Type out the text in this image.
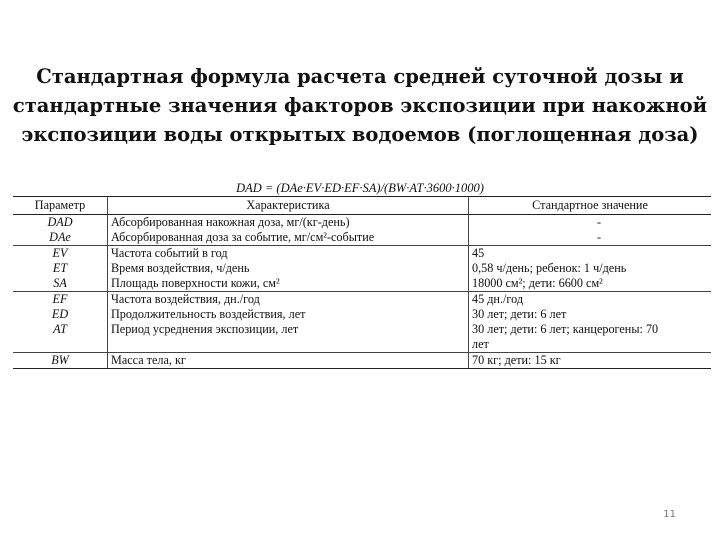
Стандартная формула расчета средней суточной дозы и
стандартные значения факторов экспозиции при накожной
экспозиции воды открытых водоемов (поглощенная доза)
DAD = (DAe·EV·ED·EF·SA)/(BW·AT·3600·1000)
Параметр	Характеристика	Стандартное значение
DAD	Абсорбированная накожная доза, мг/(кг-день)	-
DAe	Абсорбированная доза за событие, мг/см²-событие	-
EV	Частота событий в год	45
ET	Время воздействия, ч/день	0,58 ч/день; ребенок: 1 ч/день
SA	Площадь поверхности кожи, см²	18000 см²; дети: 6600 см²
EF	Частота воздействия, дн./год	45 дн./год
ED	Продолжительность воздействия, лет	30 лет; дети: 6 лет
AT	Период усреднения экспозиции, лет	30 лет; дети: 6 лет; канцерогены: 70
		лет
BW	Масса тела, кг	70 кг; дети: 15 кг
11
